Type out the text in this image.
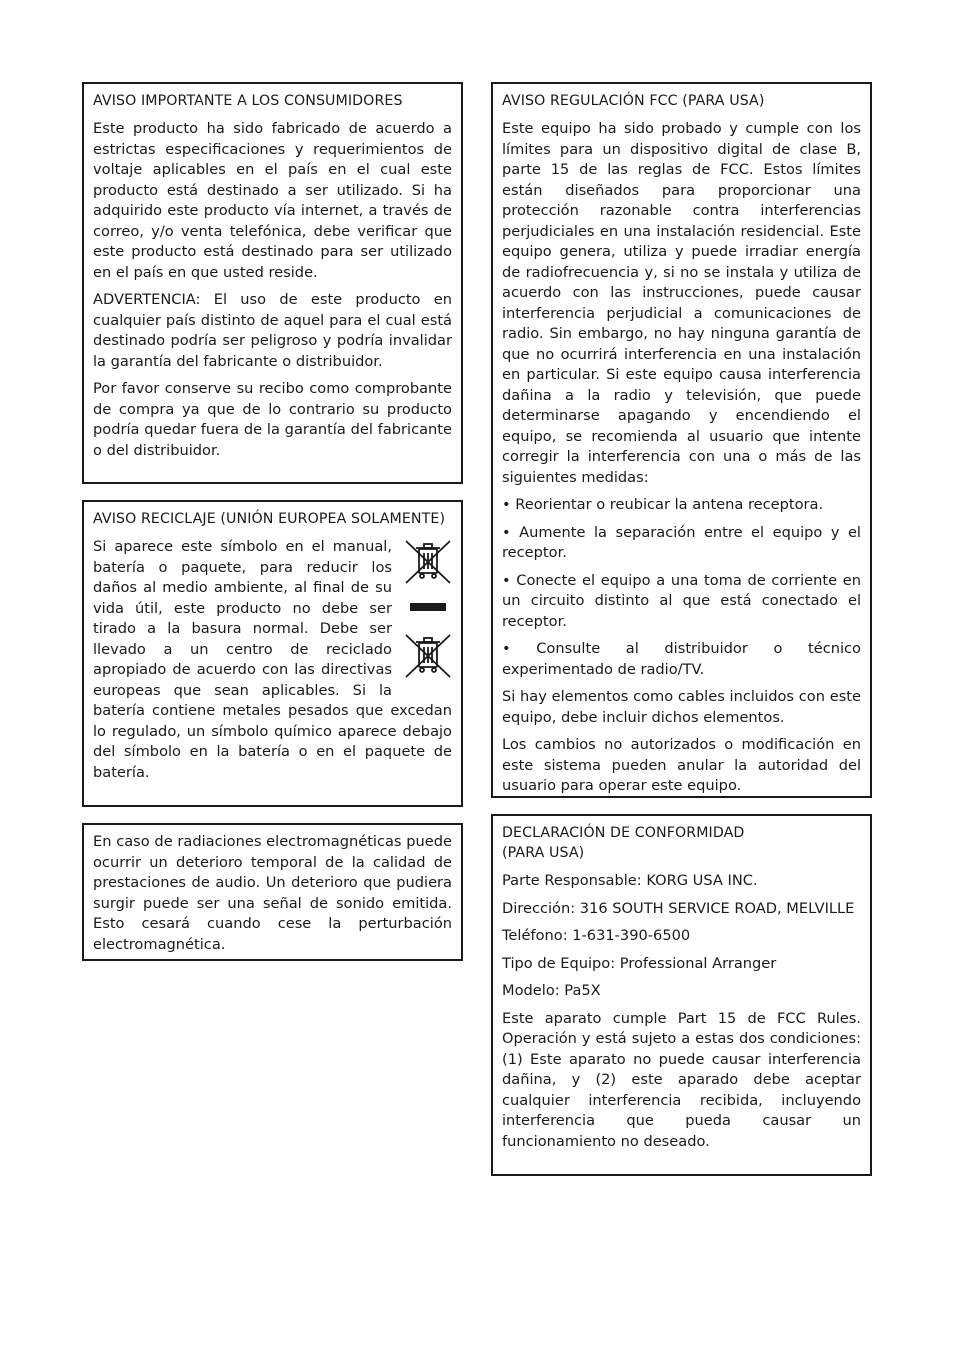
AVISO IMPORTANTE A LOS CONSUMIDORES

Este producto ha sido fabricado de acuerdo a estrictas especificaciones y requerimientos de voltaje aplicables en el país en el cual este producto está destinado a ser utilizado. Si ha adquirido este producto vía internet, a través de correo, y/o venta telefónica, debe verificar que este producto está destinado para ser utilizado en el país en que usted reside.

ADVERTENCIA: El uso de este producto en cualquier país distinto de aquel para el cual está destinado podría ser peligroso y podría invalidar la garantía del fabricante o distribuidor.

Por favor conserve su recibo como comprobante de compra ya que de lo contrario su producto podría quedar fuera de la garantía del fabricante o del distribuidor.

AVISO RECICLAJE (UNIÓN EUROPEA SOLAMENTE)

Si aparece este símbolo en el manual, batería o paquete, para reducir los daños al medio ambiente, al final de su vida útil, este producto no debe ser tirado a la basura normal. Debe ser llevado a un centro de reciclado apropiado de acuerdo con las directivas europeas que sean aplicables. Si la batería contiene metales pesados que excedan lo regulado, un símbolo químico aparece debajo del símbolo en la batería o en el paquete de batería.

En caso de radiaciones electromagnéticas puede ocurrir un deterioro temporal de la calidad de prestaciones de audio. Un deterioro que pudiera surgir puede ser una señal de sonido emitida. Esto cesará cuando cese la perturbación electromagnética.

AVISO REGULACIÓN FCC (PARA USA)

Este equipo ha sido probado y cumple con los límites para un dispositivo digital de clase B, parte 15 de las reglas de FCC. Estos límites están diseñados para proporcionar una protección razonable contra interferencias perjudiciales en una instalación residencial. Este equipo genera, utiliza y puede irradiar energía de radiofrecuencia y, si no se instala y utiliza de acuerdo con las instrucciones, puede causar interferencia perjudicial a comunicaciones de radio. Sin embargo, no hay ninguna garantía de que no ocurrirá interferencia en una instalación en particular. Si este equipo causa interferencia dañina a la radio y televisión, que puede determinarse apagando y encendiendo el equipo, se recomienda al usuario que intente corregir la interferencia con una o más de las siguientes medidas:

• Reorientar o reubicar la antena receptora.

• Aumente la separación entre el equipo y el receptor.

• Conecte el equipo a una toma de corriente en un circuito distinto al que está conectado el receptor.

• Consulte al distribuidor o técnico experimentado de radio/TV.

Si hay elementos como cables incluidos con este equipo, debe incluir dichos elementos.

Los cambios no autorizados o modificación en este sistema pueden anular la autoridad del usuario para operar este equipo.

DECLARACIÓN DE CONFORMIDAD
(PARA USA)

Parte Responsable: KORG USA INC.

Dirección: 316 SOUTH SERVICE ROAD, MELVILLE

Teléfono: 1-631-390-6500

Tipo de Equipo: Professional Arranger

Modelo: Pa5X

Este aparato cumple Part 15 de FCC Rules. Operación y está sujeto a estas dos condiciones: (1) Este aparato no puede causar interferencia dañina, y (2) este aparado debe aceptar cualquier interferencia recibida, incluyendo interferencia que pueda causar un funcionamiento no deseado.
